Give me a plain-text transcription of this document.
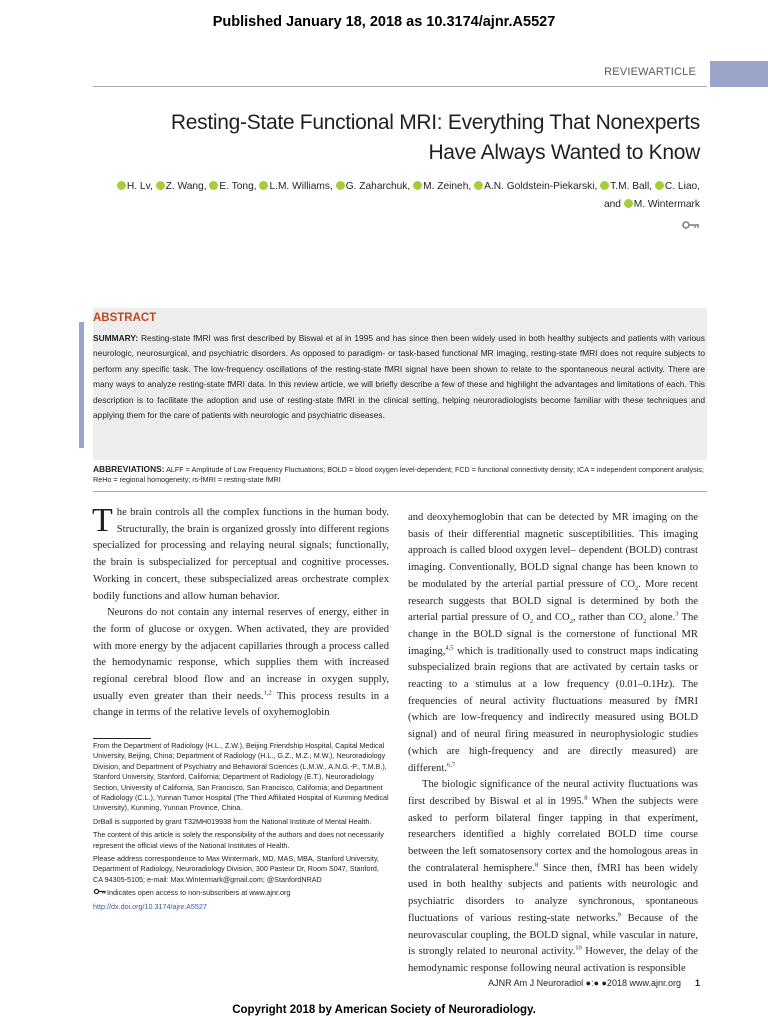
Published January 18, 2018 as 10.3174/ajnr.A5527
REVIEWARTICLE
Resting-State Functional MRI: Everything That Nonexperts
Have Always Wanted to Know
H. Lv, Z. Wang, E. Tong, L.M. Williams, G. Zaharchuk, M. Zeineh, A.N. Goldstein-Piekarski, T.M. Ball, C. Liao,
and M. Wintermark
ABSTRACT
SUMMARY: Resting-state fMRI was first described by Biswal et al in 1995 and has since then been widely used in both healthy subjects and patients with various neurologic, neurosurgical, and psychiatric disorders. As opposed to paradigm- or task-based functional MR imaging, resting-state fMRI does not require subjects to perform any specific task. The low-frequency oscillations of the resting-state fMRI signal have been shown to relate to the spontaneous neural activity. There are many ways to analyze resting-state fMRI data. In this review article, we will briefly describe a few of these and highlight the advantages and limitations of each. This description is to facilitate the adoption and use of resting-state fMRI in the clinical setting, helping neuroradiologists become familiar with these techniques and applying them for the care of patients with neurologic and psychiatric diseases.
ABBREVIATIONS: ALFF = Amplitude of Low Frequency Fluctuations; BOLD = blood oxygen level-dependent; FCD = functional connectivity density; ICA = independent component analysis; ReHo = regional homogeneity; rs-fMRI = resting-state fMRI

The brain controls all the complex functions in the human body. Structurally, the brain is organized grossly into different regions specialized for processing and relaying neural signals; functionally, the brain is subspecialized for perceptual and cognitive processes. Working in concert, these subspecialized areas orchestrate complex bodily functions and allow human behavior.

Neurons do not contain any internal reserves of energy, either in the form of glucose or oxygen. When activated, they are provided with more energy by the adjacent capillaries through a process called the hemodynamic response, which supplies them with increased regional cerebral blood flow and an increase in oxygen supply, usually even greater than their needs.$^{1,2}$ This process results in a change in terms of the relative levels of oxyhemoglobin

and deoxyhemoglobin that can be detected by MR imaging on the basis of their differential magnetic susceptibilities. This imaging approach is called blood oxygen level– dependent (BOLD) contrast imaging. Conventionally, BOLD signal change has been known to be modulated by the arterial partial pressure of $CO_2$. More recent research suggests that BOLD signal is determined by both the arterial partial pressure of $O_2$ and $CO_2$, rather than $CO_2$ alone.$^3$ The change in the BOLD signal is the cornerstone of functional MR imaging,$^{4,5}$ which is traditionally used to construct maps indicating subspecialized brain regions that are activated by certain tasks or reacting to a stimulus at a low frequency (0.01–0.1Hz). The frequencies of neural activity fluctuations measured by fMRI (which are low-frequency and indirectly measured using BOLD signal) and of neural firing measured in neurophysiologic studies (which are high-frequency and are directly measured) are different.$^{6,7}$

The biologic significance of the neural activity fluctuations was first described by Biswal et al in 1995.$^8$ When the subjects were asked to perform bilateral finger tapping in that experiment, researchers identified a highly correlated BOLD time course between the left somatosensory cortex and the homologous areas in the contralateral hemisphere.$^8$ Since then, fMRI has been widely used in both healthy subjects and patients with neurologic and psychiatric disorders to analyze synchronous, spontaneous fluctuations of various resting-state networks.$^9$ Because of the neurovascular coupling, the BOLD signal, while vascular in nature, is strongly related to neuronal activity.$^{10}$ However, the delay of the hemodynamic response following neural activation is responsible

From the Department of Radiology (H.L., Z.W.), Beijing Friendship Hospital, Capital Medical University, Beijing, China; Department of Radiology (H.L., G.Z., M.Z., M.W.), Neuroradiology Division, and Department of Psychiatry and Behavioral Sciences (L.M.W., A.N.G.-P., T.M.B.), Stanford University, Stanford, California; Department of Radiology (E.T.), Neuroradiology Section, University of California, San Francisco, San Francisco, California; and Department of Radiology (C.L.), Yunnan Tumor Hospital (The Third Affiliated Hospital of Kunming Medical University), Kunming, Yunnan Province, China.

DrBall is supported by grant T32MH019938 from the National Institute of Mental Health.

The content of this article is solely the responsibility of the authors and does not necessarily represent the official views of the National Institutes of Health.

Please address correspondence to Max Wintermark, MD, MAS, MBA, Stanford University, Department of Radiology, Neuroradiology Division, 300 Pasteur Dr, Room S047, Stanford, CA 94305-5105; e-mail: Max.Wintermark@gmail.com; @StanfordNRAD

Indicates open access to non-subscribers at www.ajnr.org

http://dx.doi.org/10.3174/ajnr.A5527

AJNR Am J Neuroradiol ●:● ●2018 www.ajnr.org 1
Copyright 2018 by American Society of Neuroradiology.
